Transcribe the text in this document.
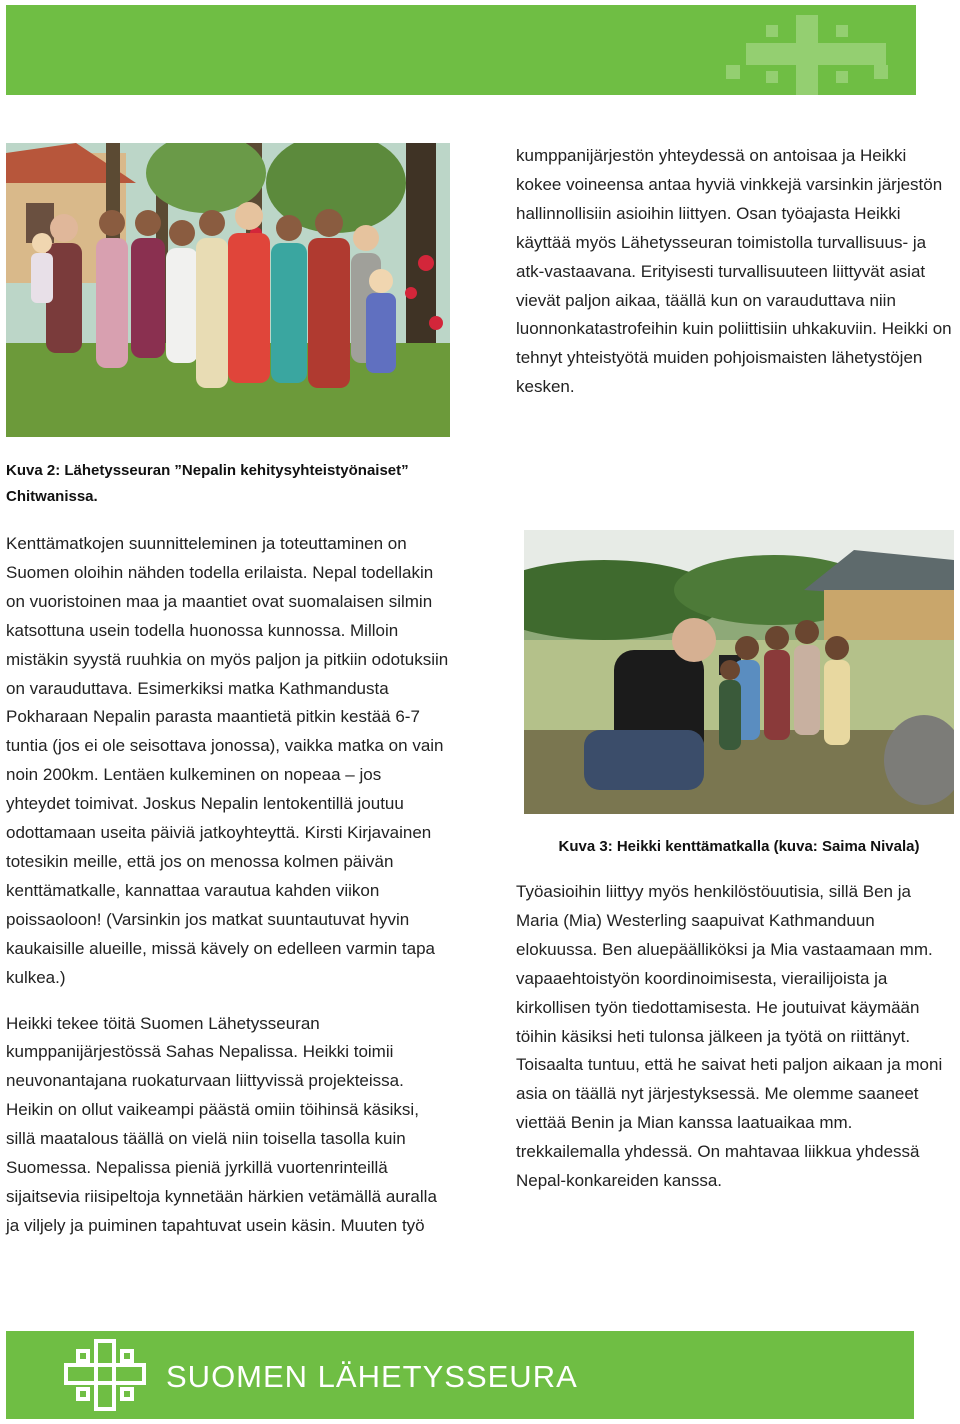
kumppanijärjestön yhteydessä on antoisaa ja Heikki kokee voineensa antaa hyviä vinkkejä varsinkin järjestön hallinnollisiin asioihin liittyen. Osan työajasta Heikki käyttää myös Lähetysseuran toimistolla turvallisuus- ja atk-vastaavana. Erityisesti turvallisuuteen liittyvät asiat vievät paljon aikaa, täällä kun on varauduttava niin luonnonkatastrofeihin kuin poliittisiin uhkakuviin. Heikki on tehnyt yhteistyötä muiden pohjoismaisten lähetystöjen kesken.

Kuva 2: Lähetysseuran ”Nepalin kehitysyhteistyönaiset” Chitwanissa.

Kenttämatkojen suunnitteleminen ja toteuttaminen on Suomen oloihin nähden todella erilaista. Nepal todellakin on vuoristoinen maa ja maantiet ovat suomalaisen silmin katsottuna usein todella huonossa kunnossa. Milloin mistäkin syystä ruuhkia on myös paljon ja pitkiin odotuksiin on varauduttava. Esimerkiksi matka Kathmandusta Pokharaan Nepalin parasta maantietä pitkin kestää 6-7 tuntia (jos ei ole seisottava jonossa), vaikka matka on vain noin 200km. Lentäen kulkeminen on nopeaa – jos yhteydet toimivat. Joskus Nepalin lentokentillä joutuu odottamaan useita päiviä jatkoyhteyttä. Kirsti Kirjavainen totesikin meille, että jos on menossa kolmen päivän kenttämatkalle, kannattaa varautua kahden viikon poissaoloon! (Varsinkin jos matkat suuntautuvat hyvin kaukaisille alueille, missä kävely on edelleen varmin tapa kulkea.)

Heikki tekee töitä Suomen Lähetysseuran kumppanijärjestössä Sahas Nepalissa. Heikki toimii neuvonantajana ruokaturvaan liittyvissä projekteissa. Heikin on ollut vaikeampi päästä omiin töihinsä käsiksi, sillä maatalous täällä on vielä niin toisella tasolla kuin Suomessa. Nepalissa pieniä jyrkillä vuortenrinteillä sijaitsevia riisipeltoja kynnetään härkien vetämällä auralla ja viljely ja puiminen tapahtuvat usein käsin. Muuten työ

Kuva 3: Heikki kenttämatkalla (kuva: Saima Nivala)

Työasioihin liittyy myös henkilöstöuutisia, sillä Ben ja Maria (Mia) Westerling saapuivat Kathmanduun elokuussa. Ben aluepäälliköksi ja Mia vastaamaan mm. vapaaehtoistyön koordinoimisesta, vierailijoista ja kirkollisen työn tiedottamisesta. He joutuivat käymään töihin käsiksi heti tulonsa jälkeen ja työtä on riittänyt. Toisaalta tuntuu, että he saivat heti paljon aikaan ja moni asia on täällä nyt järjestyksessä. Me olemme saaneet viettää Benin ja Mian kanssa laatuaikaa mm. trekkailemalla yhdessä. On mahtavaa liikkua yhdessä Nepal-konkareiden kanssa.

SUOMEN LÄHETYSSEURA
